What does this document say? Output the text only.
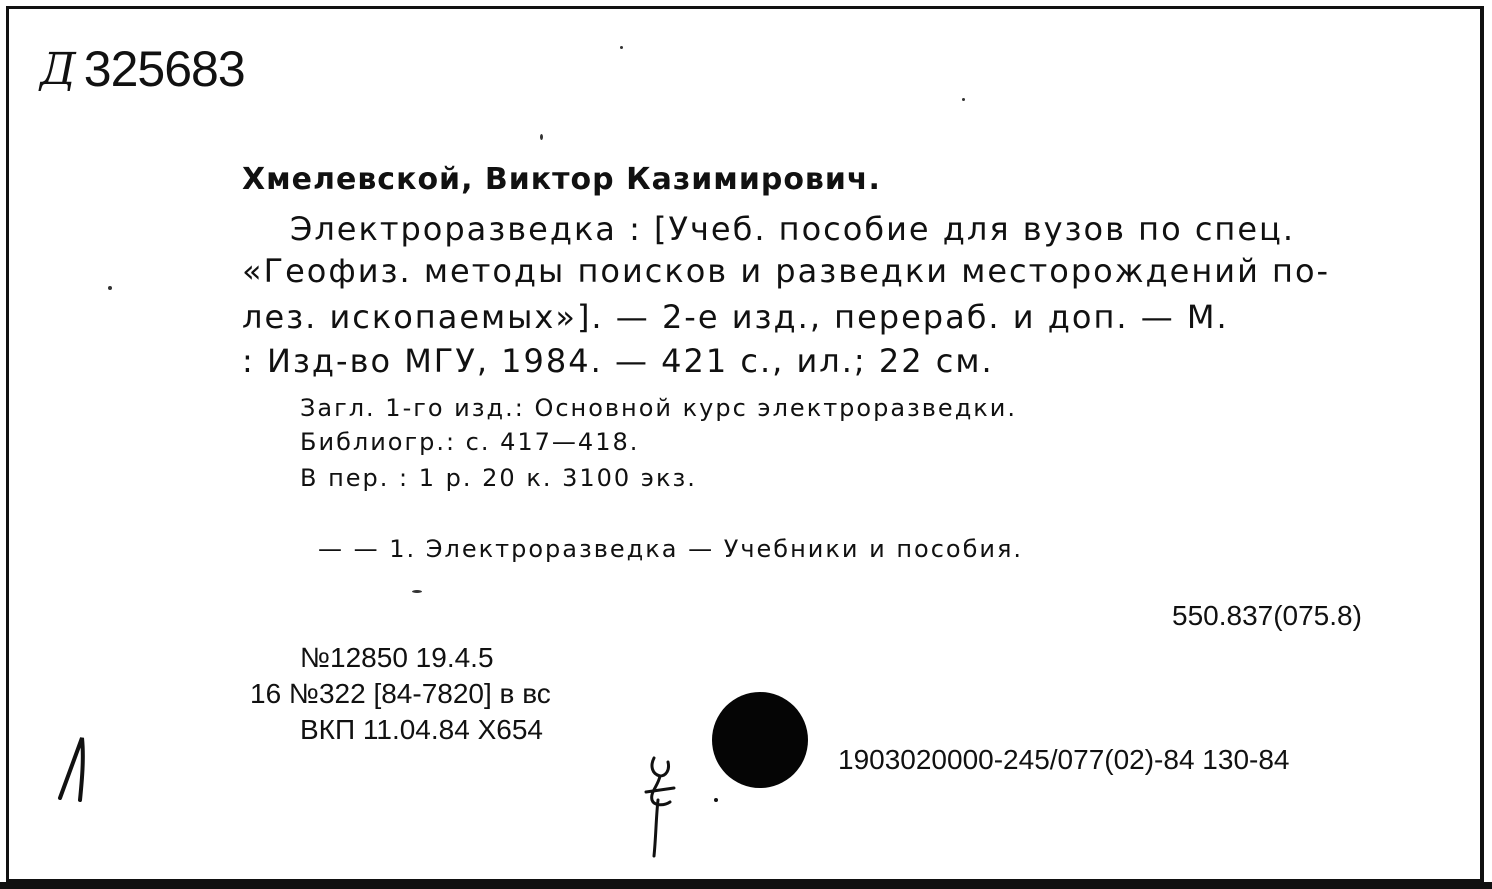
Д 325683
Хмелевской, Виктор Казимирович.
Электроразведка : [Учеб. пособие для вузов по спец.
«Геофиз. методы поисков и разведки месторождений по-
лез. ископаемых»]. — 2-е изд., перераб. и доп. — М.
: Изд-во МГУ, 1984. — 421 с., ил.; 22 см.
Загл. 1-го изд.: Основной курс электроразведки.
Библиогр.: с. 417—418.
В пер. : 1 р. 20 к. 3100 экз.
— — 1. Электроразведка — Учебники и пособия.
550.837(075.8)
№12850 19.4.5
16 №322 [84-7820] в вс
ВКП 11.04.84 Х654
1903020000-245/077(02)-84 130-84
